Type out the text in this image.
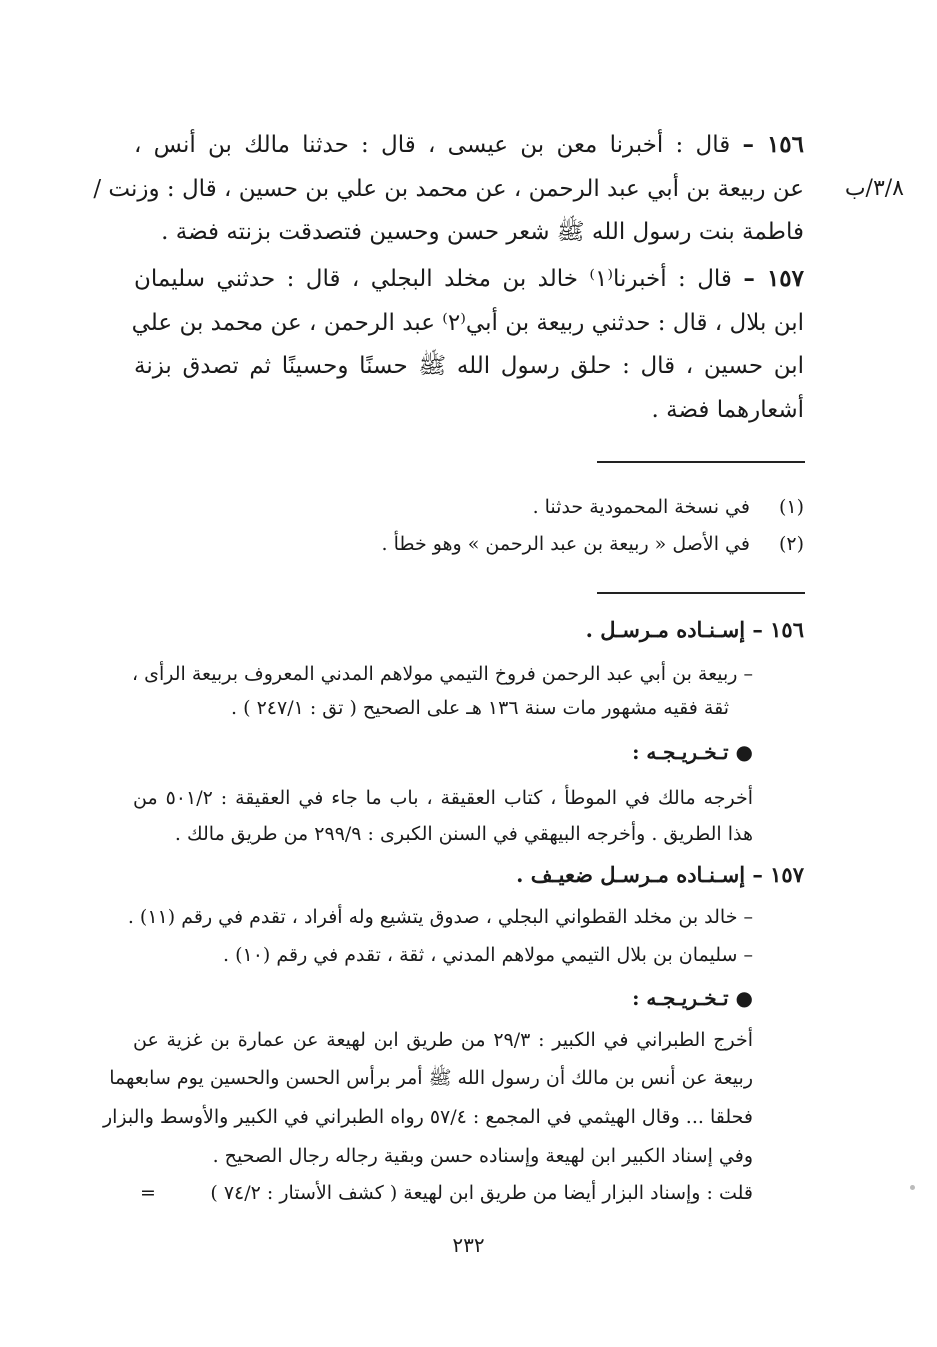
٣/٨/ب
١٥٦ – قال : أخبرنا معن بن عيسى ، قال : حدثنا مالك بن أنس ،
عن ربيعة بن أبي عبد الرحمن ، عن محمد بن علي بن حسين ، قال : وزنت /
فاطمة بنت رسول الله ﷺ شعر حسن وحسين فتصدقت بزنته فضة .
١٥٧ – قال : أخبرنا⁽١⁾ خالد بن مخلد البجلي ، قال : حدثني سليمان
ابن بلال ، قال : حدثني ربيعة بن أبي⁽٢⁾ عبد الرحمن ، عن محمد بن علي
ابن حسين ، قال : حلق رسول الله ﷺ حسنًا وحسينًا ثم تصدق بزنة
أشعارهما فضة .
(١) في نسخة المحمودية حدثنا .
(٢) في الأصل « ربيعة بن عبد الرحمن » وهو خطأ .
١٥٦ – إسـنـاده مـرسـل .
– ربيعة بن أبي عبد الرحمن فروخ التيمي مولاهم المدني المعروف بربيعة الرأى ،
ثقة فقيه مشهور مات سنة ١٣٦ هـ على الصحيح ( تق : ٢٤٧/١ ) .
● تـخـريـجـه :
أخرجه مالك في الموطأ ، كتاب العقيقة ، باب ما جاء في العقيقة : ٥٠١/٢ من
هذا الطريق . وأخرجه البيهقي في السنن الكبرى : ٢٩٩/٩ من طريق مالك .
١٥٧ – إسـنـاده مـرسـل ضعيـف .
– خالد بن مخلد القطواني البجلي ، صدوق يتشيع وله أفراد ، تقدم في رقم (١١) .
– سليمان بن بلال التيمي مولاهم المدني ، ثقة ، تقدم في رقم (١٠) .
● تـخـريـجـه :
أخرج الطبراني في الكبير : ٢٩/٣ من طريق ابن لهيعة عن عمارة بن غزية عن
ربيعة عن أنس بن مالك أن رسول الله ﷺ أمر برأس الحسن والحسين يوم سابعهما
فحلقا ... وقال الهيثمي في المجمع : ٥٧/٤ رواه الطبراني في الكبير والأوسط والبزار
وفي إسناد الكبير ابن لهيعة وإسناده حسن وبقية رجاله رجال الصحيح .
قلت : وإسناد البزار أيضا من طريق ابن لهيعة ( كشف الأستار : ٧٤/٢ )
=
٢٣٢
